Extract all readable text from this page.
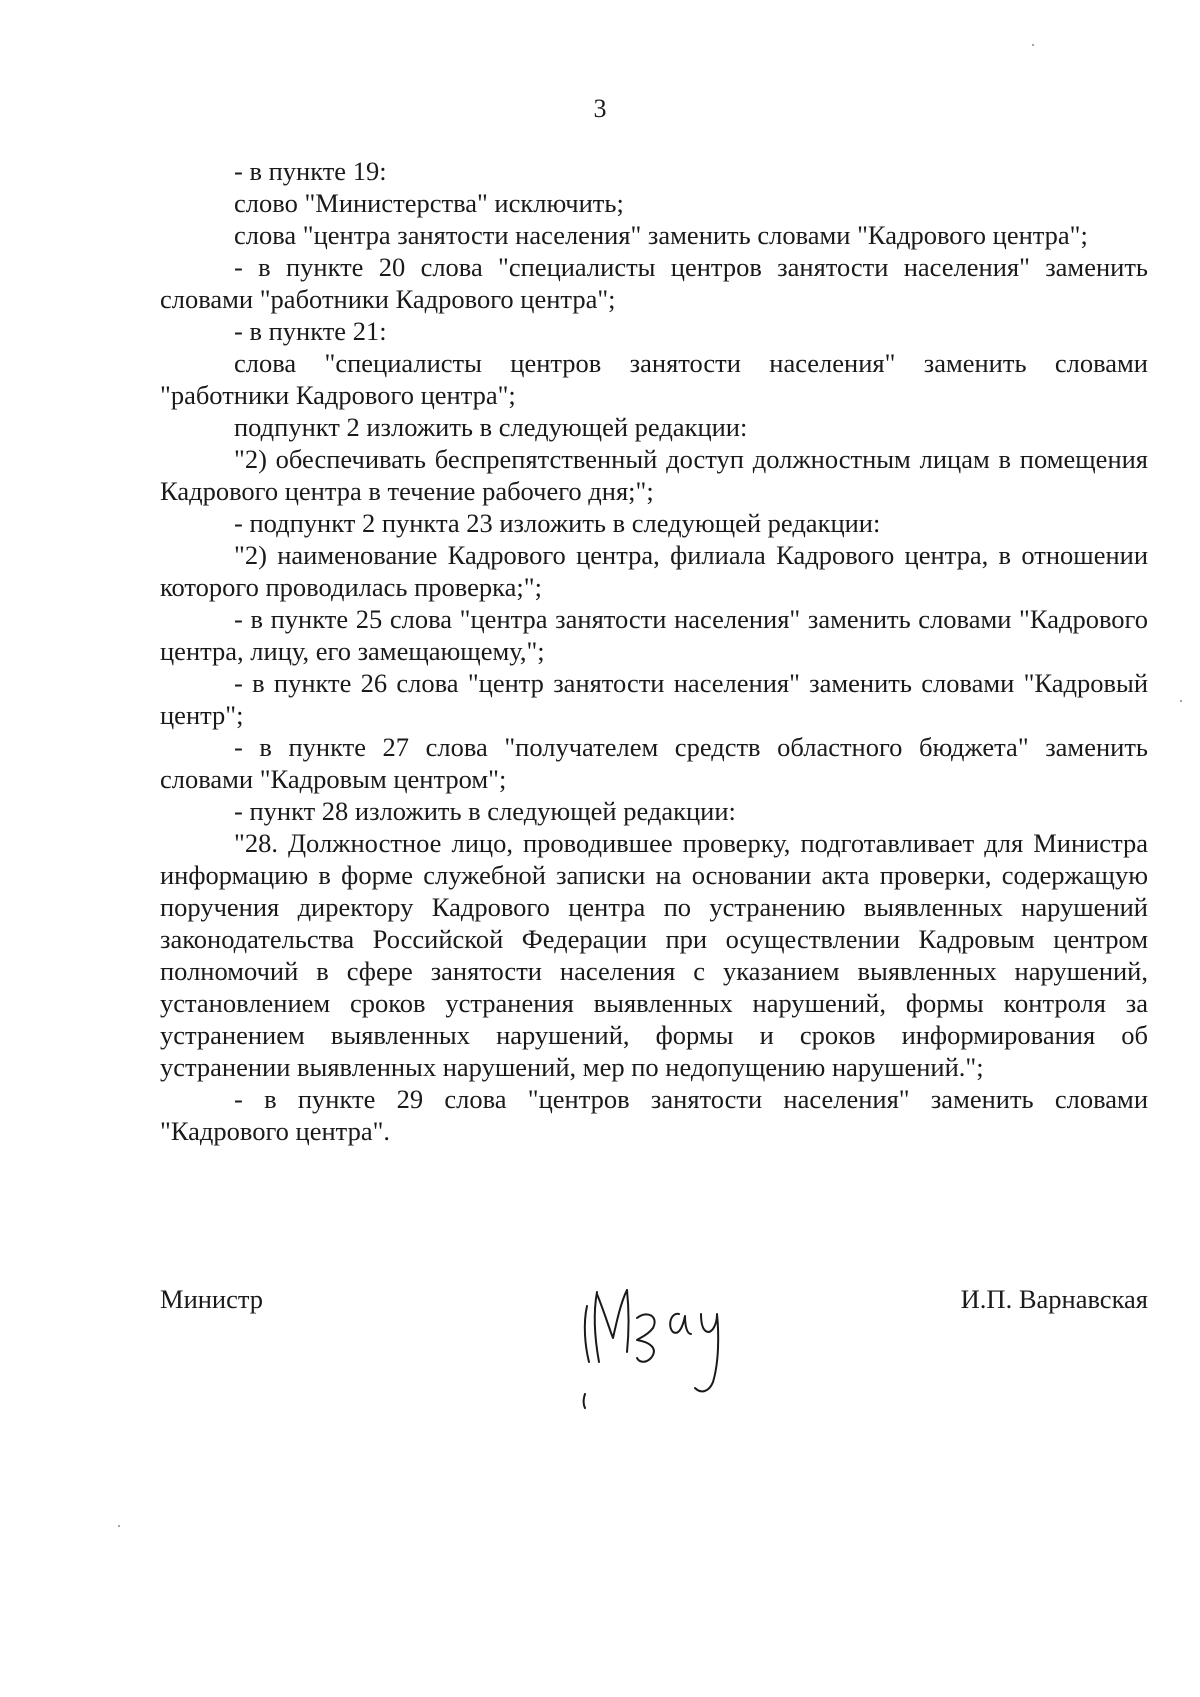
3

- в пункте 19:

слово "Министерства" исключить;

слова "центра занятости населения" заменить словами "Кадрового центра";

- в пункте 20 слова "специалисты центров занятости населения" заменить словами "работники Кадрового центра";

- в пункте 21:

слова "специалисты центров занятости населения" заменить словами "работники Кадрового центра";

подпункт 2 изложить в следующей редакции:

"2) обеспечивать беспрепятственный доступ должностным лицам в помещения Кадрового центра в течение рабочего дня;";

- подпункт 2 пункта 23 изложить в следующей редакции:

"2) наименование Кадрового центра, филиала Кадрового центра, в отношении которого проводилась проверка;";

- в пункте 25 слова "центра занятости населения" заменить словами "Кадрового центра, лицу, его замещающему,";

- в пункте 26 слова "центр занятости населения" заменить словами "Кадровый центр";

- в пункте 27 слова "получателем средств областного бюджета" заменить словами "Кадровым центром";

- пункт 28 изложить в следующей редакции:

"28. Должностное лицо, проводившее проверку, подготавливает для Министра информацию в форме служебной записки на основании акта проверки, содержащую поручения директору Кадрового центра по устранению выявленных нарушений законодательства Российской Федерации при осуществлении Кадровым центром полномочий в сфере занятости населения с указанием выявленных нарушений, установлением сроков устранения выявленных нарушений, формы контроля за устранением выявленных нарушений, формы и сроков информирования об устранении выявленных нарушений, мер по недопущению нарушений.";

- в пункте 29 слова "центров занятости населения" заменить словами "Кадрового центра".

Министр	И.П. Варнавская
